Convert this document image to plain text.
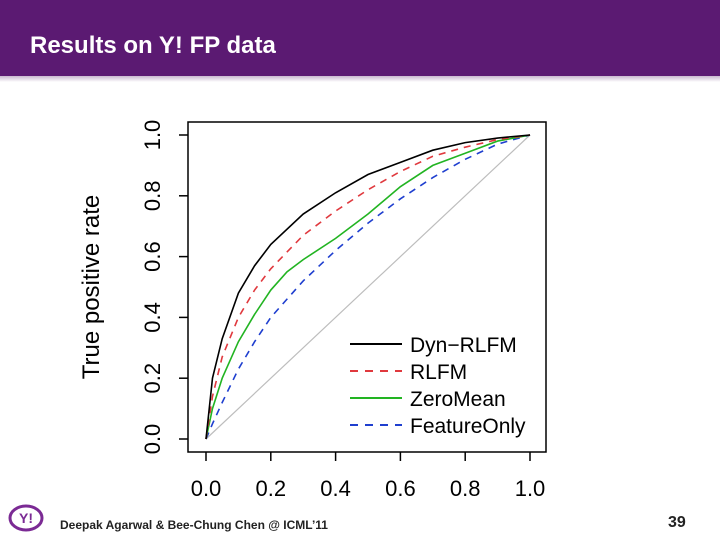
Results on Y! FP data
0.0 0.2 0.4 0.6 0.8 1.0
0.0
0.2
0.4
0.6
0.8
1.0
True positive rate	Dyn−RLFM
RLFM
ZeroMean
FeatureOnly
Y! Deepak Agarwal & Bee-Chung Chen @ ICML’11	39
